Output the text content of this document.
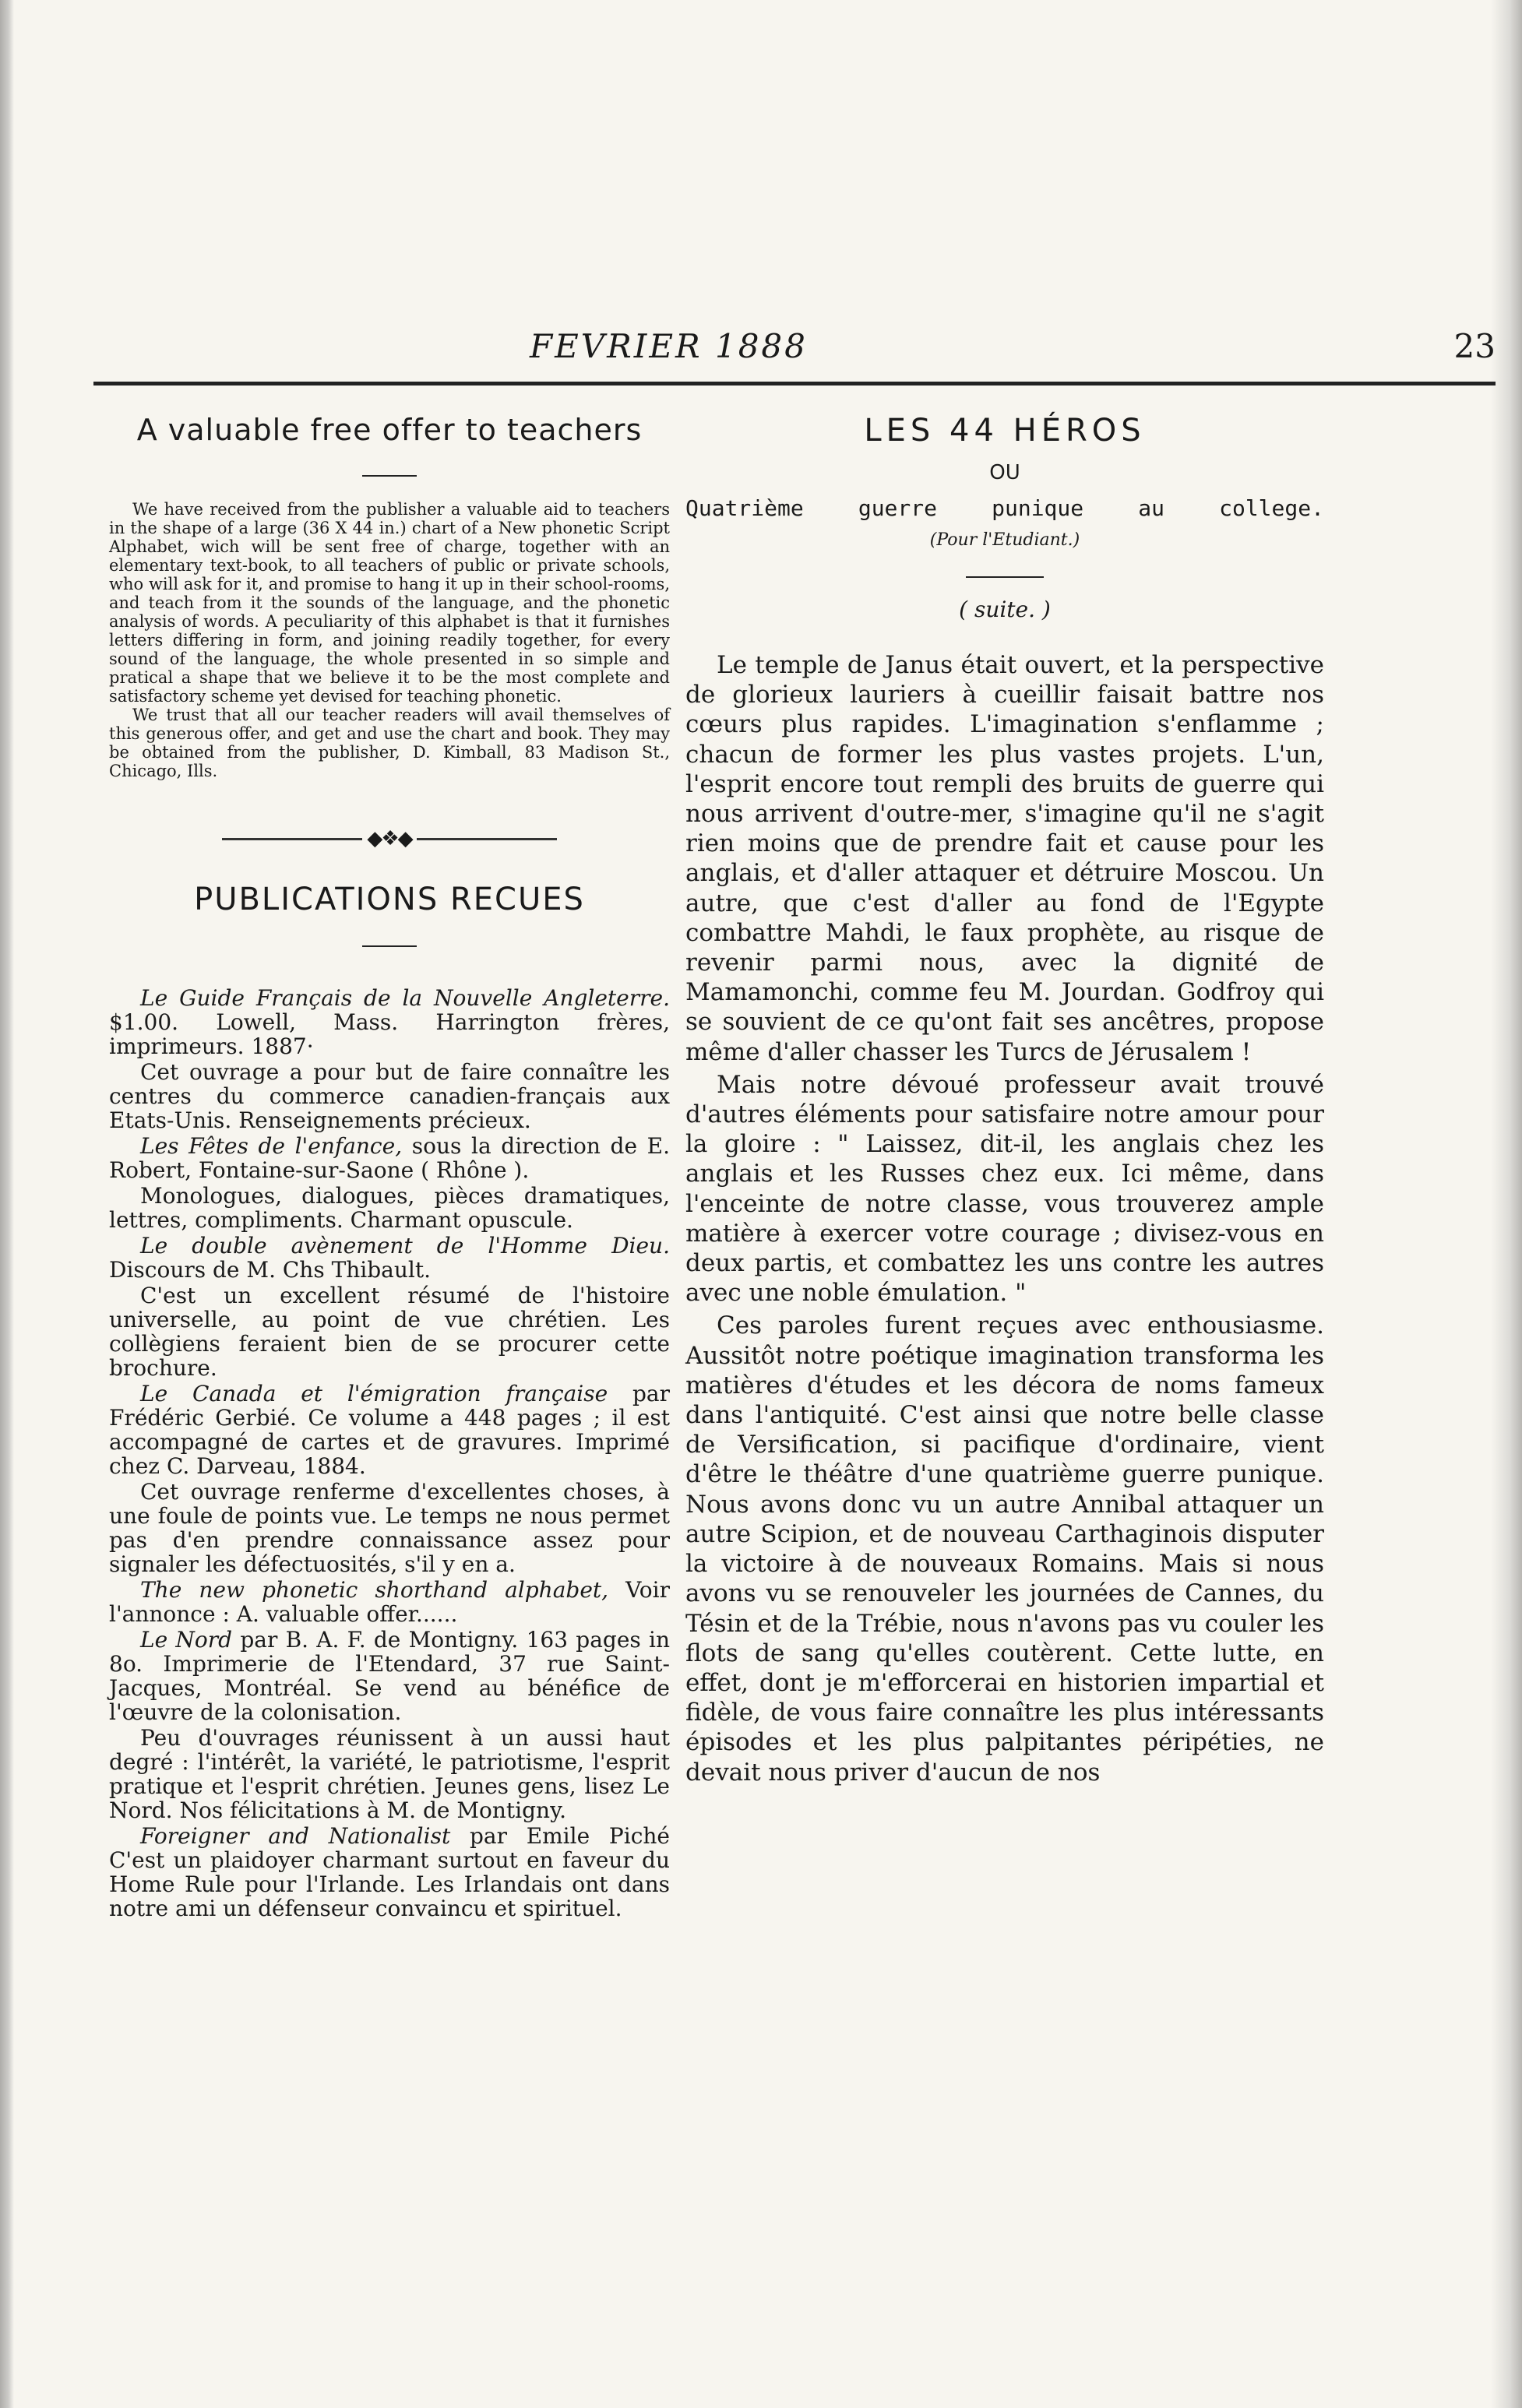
FEVRIER 1888	23
A valuable free offer to teachers

We have received from the publisher a valuable aid to teachers in the shape of a large (36 X 44 in.) chart of a New phonetic Script Alphabet, wich will be sent free of charge, together with an elementary text-book, to all teachers of public or private schools, who will ask for it, and promise to hang it up in their school-rooms, and teach from it the sounds of the language, and the phonetic analysis of words. A peculiarity of this alphabet is that it furnishes letters differing in form, and joining readily together, for every sound of the language, the whole presented in so simple and pratical a shape that we believe it to be the most complete and satisfactory scheme yet devised for teaching phonetic.

We trust that all our teacher readers will avail themselves of this generous offer, and get and use the chart and book. They may be obtained from the publisher, D. Kimball, 83 Madison St., Chicago, Ills.

◆❖◆
PUBLICATIONS RECUES

Le Guide Français de la Nouvelle Angleterre. $1.00. Lowell, Mass. Harrington frères, imprimeurs. 1887·

Cet ouvrage a pour but de faire connaître les centres du commerce canadien-français aux Etats-Unis. Renseignements précieux.

Les Fêtes de l'enfance, sous la direction de E. Robert, Fontaine-sur-Saone ( Rhône ).

Monologues, dialogues, pièces dramatiques, lettres, compliments. Charmant opuscule.

Le double avènement de l'Homme Dieu. Discours de M. Chs Thibault.

C'est un excellent résumé de l'histoire universelle, au point de vue chrétien. Les collègiens feraient bien de se procurer cette brochure.

Le Canada et l'émigration française par Frédéric Gerbié. Ce volume a 448 pages ; il est accompagné de cartes et de gravures. Imprimé chez C. Darveau, 1884.

Cet ouvrage renferme d'excellentes choses, à une foule de points vue. Le temps ne nous permet pas d'en prendre connaissance assez pour signaler les défectuosités, s'il y en a.

The new phonetic shorthand alphabet, Voir l'annonce : A. valuable offer......

Le Nord par B. A. F. de Montigny. 163 pages in 8o. Imprimerie de l'Etendard, 37 rue Saint-Jacques, Montréal. Se vend au bénéfice de l'œuvre de la colonisation.

Peu d'ouvrages réunissent à un aussi haut degré : l'intérêt, la variété, le patriotisme, l'esprit pratique et l'esprit chrétien. Jeunes gens, lisez Le Nord. Nos félicitations à M. de Montigny.

Foreigner and Nationalist par Emile Piché C'est un plaidoyer charmant surtout en faveur du Home Rule pour l'Irlande. Les Irlandais ont dans notre ami un défenseur convaincu et spirituel.

LES 44 HÉROS
OU
Quatrième	guerre	punique	au	college.
(Pour l'Etudiant.)
( suite. )

Le temple de Janus était ouvert, et la perspective de glorieux lauriers à cueillir faisait battre nos cœurs plus rapides. L'imagination s'enflamme ; chacun de former les plus vastes projets. L'un, l'esprit encore tout rempli des bruits de guerre qui nous arrivent d'outre-mer, s'imagine qu'il ne s'agit rien moins que de prendre fait et cause pour les anglais, et d'aller attaquer et détruire Moscou. Un autre, que c'est d'aller au fond de l'Egypte combattre Mahdi, le faux prophète, au risque de revenir parmi nous, avec la dignité de Mamamonchi, comme feu M. Jourdan. Godfroy qui se souvient de ce qu'ont fait ses ancêtres, propose même d'aller chasser les Turcs de Jérusalem !

Mais notre dévoué professeur avait trouvé d'autres éléments pour satisfaire notre amour pour la gloire : " Laissez, dit-il, les anglais chez les anglais et les Russes chez eux. Ici même, dans l'enceinte de notre classe, vous trouverez ample matière à exercer votre courage ; divisez-vous en deux partis, et combattez les uns contre les autres avec une noble émulation. "

Ces paroles furent reçues avec enthousiasme. Aussitôt notre poétique imagination transforma les matières d'études et les décora de noms fameux dans l'antiquité. C'est ainsi que notre belle classe de Versification, si pacifique d'ordinaire, vient d'être le théâtre d'une quatrième guerre punique. Nous avons donc vu un autre Annibal attaquer un autre Scipion, et de nouveau Carthaginois disputer la victoire à de nouveaux Romains. Mais si nous avons vu se renouveler les journées de Cannes, du Tésin et de la Trébie, nous n'avons pas vu couler les flots de sang qu'elles coutèrent. Cette lutte, en effet, dont je m'efforcerai en historien impartial et fidèle, de vous faire connaître les plus intéressants épisodes et les plus palpitantes péripéties, ne devait nous priver d'aucun de nos
